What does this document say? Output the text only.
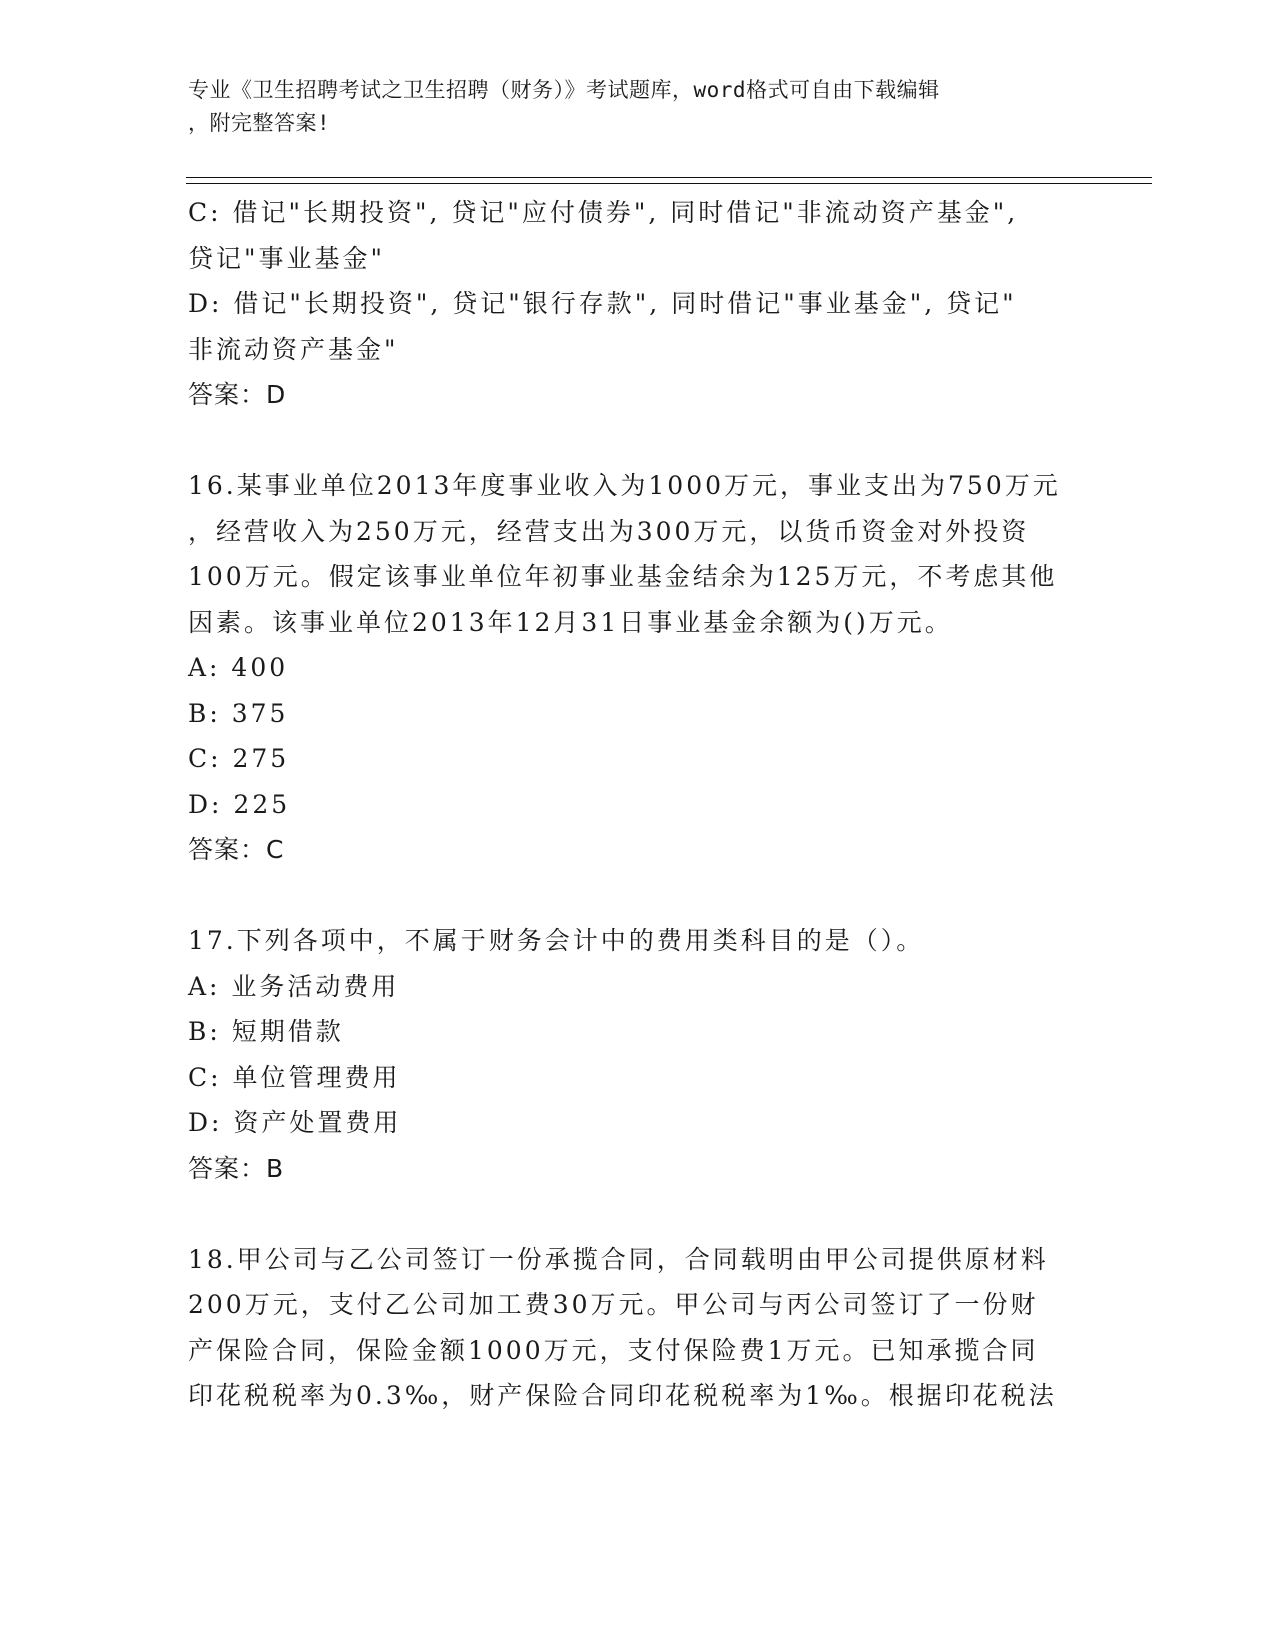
专业《卫生招聘考试之卫生招聘（财务）》考试题库，word格式可自由下载编辑
，附完整答案!
C: 借记"长期投资", 贷记"应付债券", 同时借记"非流动资产基金",
贷记"事业基金"
D: 借记"长期投资", 贷记"银行存款", 同时借记"事业基金", 贷记"
非流动资产基金"
答案：D
16.某事业单位2013年度事业收入为1000万元，事业支出为750万元
，经营收入为250万元，经营支出为300万元，以货币资金对外投资
100万元。假定该事业单位年初事业基金结余为125万元，不考虑其他
因素。该事业单位2013年12月31日事业基金余额为()万元。
A: 400
B: 375
C: 275
D: 225
答案：C
17.下列各项中，不属于财务会计中的费用类科目的是（）。
A: 业务活动费用
B: 短期借款
C: 单位管理费用
D: 资产处置费用
答案：B
18.甲公司与乙公司签订一份承揽合同，合同载明由甲公司提供原材料
200万元，支付乙公司加工费30万元。甲公司与丙公司签订了一份财
产保险合同，保险金额1000万元，支付保险费1万元。已知承揽合同
印花税税率为0.3‰，财产保险合同印花税税率为1‰。根据印花税法
